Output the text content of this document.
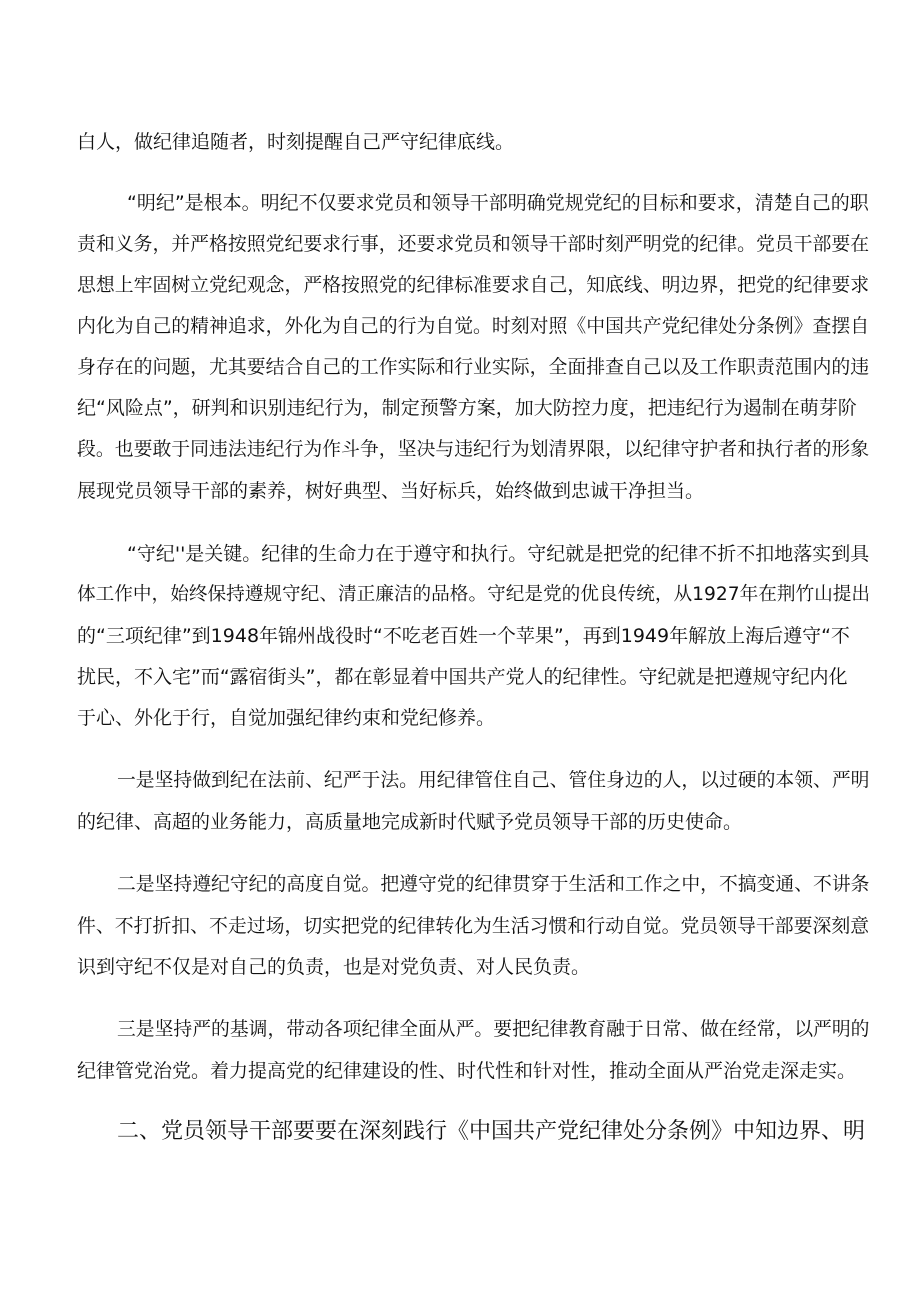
白人，做纪律追随者，时刻提醒自己严守纪律底线。
“明纪”是根本。明纪不仅要求党员和领导干部明确党规党纪的目标和要求，清楚自己的职
责和义务，并严格按照党纪要求行事，还要求党员和领导干部时刻严明党的纪律。党员干部要在
思想上牢固树立党纪观念，严格按照党的纪律标准要求自己，知底线、明边界，把党的纪律要求
内化为自己的精神追求，外化为自己的行为自觉。时刻对照《中国共产党纪律处分条例》查摆自
身存在的问题，尤其要结合自己的工作实际和行业实际，全面排查自己以及工作职责范围内的违
纪“风险点”，研判和识别违纪行为，制定预警方案，加大防控力度，把违纪行为遏制在萌芽阶
段。也要敢于同违法违纪行为作斗争，坚决与违纪行为划清界限，以纪律守护者和执行者的形象
展现党员领导干部的素养，树好典型、当好标兵，始终做到忠诚干净担当。
“守纪''是关键。纪律的生命力在于遵守和执行。守纪就是把党的纪律不折不扣地落实到具
体工作中，始终保持遵规守纪、清正廉洁的品格。守纪是党的优良传统，从1927年在荆竹山提出
的“三项纪律”到1948年锦州战役时“不吃老百姓一个苹果”，再到1949年解放上海后遵守“不
扰民，不入宅”而“露宿街头”，都在彰显着中国共产党人的纪律性。守纪就是把遵规守纪内化
于心、外化于行，自觉加强纪律约束和党纪修养。
一是坚持做到纪在法前、纪严于法。用纪律管住自己、管住身边的人，以过硬的本领、严明
的纪律、高超的业务能力，高质量地完成新时代赋予党员领导干部的历史使命。
二是坚持遵纪守纪的高度自觉。把遵守党的纪律贯穿于生活和工作之中，不搞变通、不讲条
件、不打折扣、不走过场，切实把党的纪律转化为生活习惯和行动自觉。党员领导干部要深刻意
识到守纪不仅是对自己的负责，也是对党负责、对人民负责。
三是坚持严的基调，带动各项纪律全面从严。要把纪律教育融于日常、做在经常，以严明的
纪律管党治党。着力提高党的纪律建设的性、时代性和针对性，推动全面从严治党走深走实。
二、党员领导干部要要在深刻践行《中国共产党纪律处分条例》中知边界、明
